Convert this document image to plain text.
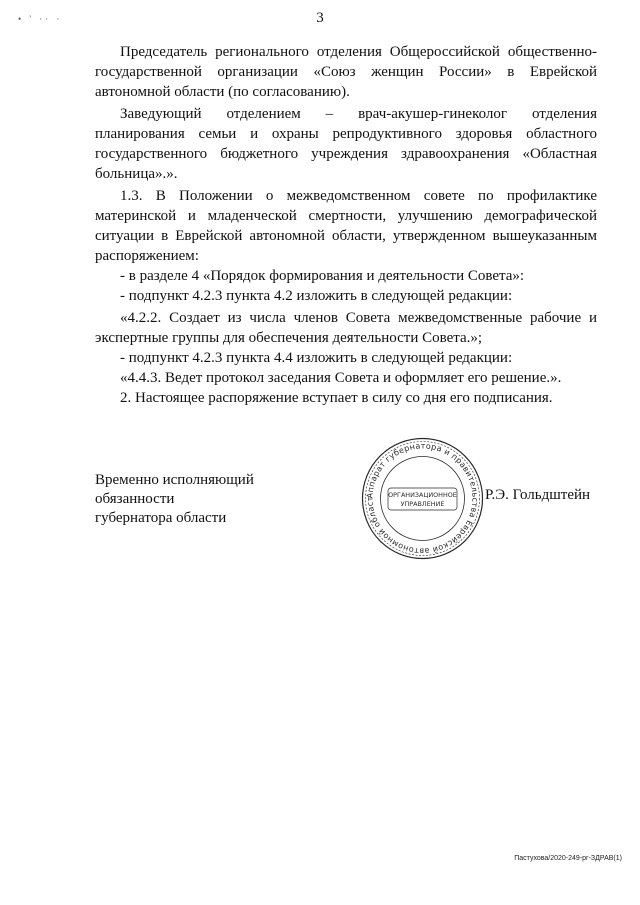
• ' ·· ·	3

Председатель регионального отделения Общероссийской общественно-государственной организации «Союз женщин России» в Еврейской автономной области (по согласованию).

Заведующий отделением – врач-акушер-гинеколог отделения планирования семьи и охраны репродуктивного здоровья областного государственного бюджетного учреждения здравоохранения «Областная больница».».

1.3. В Положении о межведомственном совете по профилактике материнской и младенческой смертности, улучшению демографической ситуации в Еврейской автономной области, утвержденном вышеуказанным распоряжением:

- в разделе 4 «Порядок формирования и деятельности Совета»:

- подпункт 4.2.3 пункта 4.2 изложить в следующей редакции:

«4.2.2. Создает из числа членов Совета межведомственные рабочие и экспертные группы для обеспечения деятельности Совета.»;

- подпункт 4.2.3 пункта 4.4 изложить в следующей редакции:

«4.4.3. Ведет протокол заседания Совета и оформляет его решение.».

2. Настоящее распоряжение вступает в силу со дня его подписания.

Временно исполняющий обязанности

губернатора области

Аппарат губернатора и правительства Еврейской автономной област	ОРГАНИЗАЦИОННОЕ
УПРАВЛЕНИЕ
Р.Э. Гольдштейн
Пастухова/2020-249-рг-ЗДРАВ(1)
